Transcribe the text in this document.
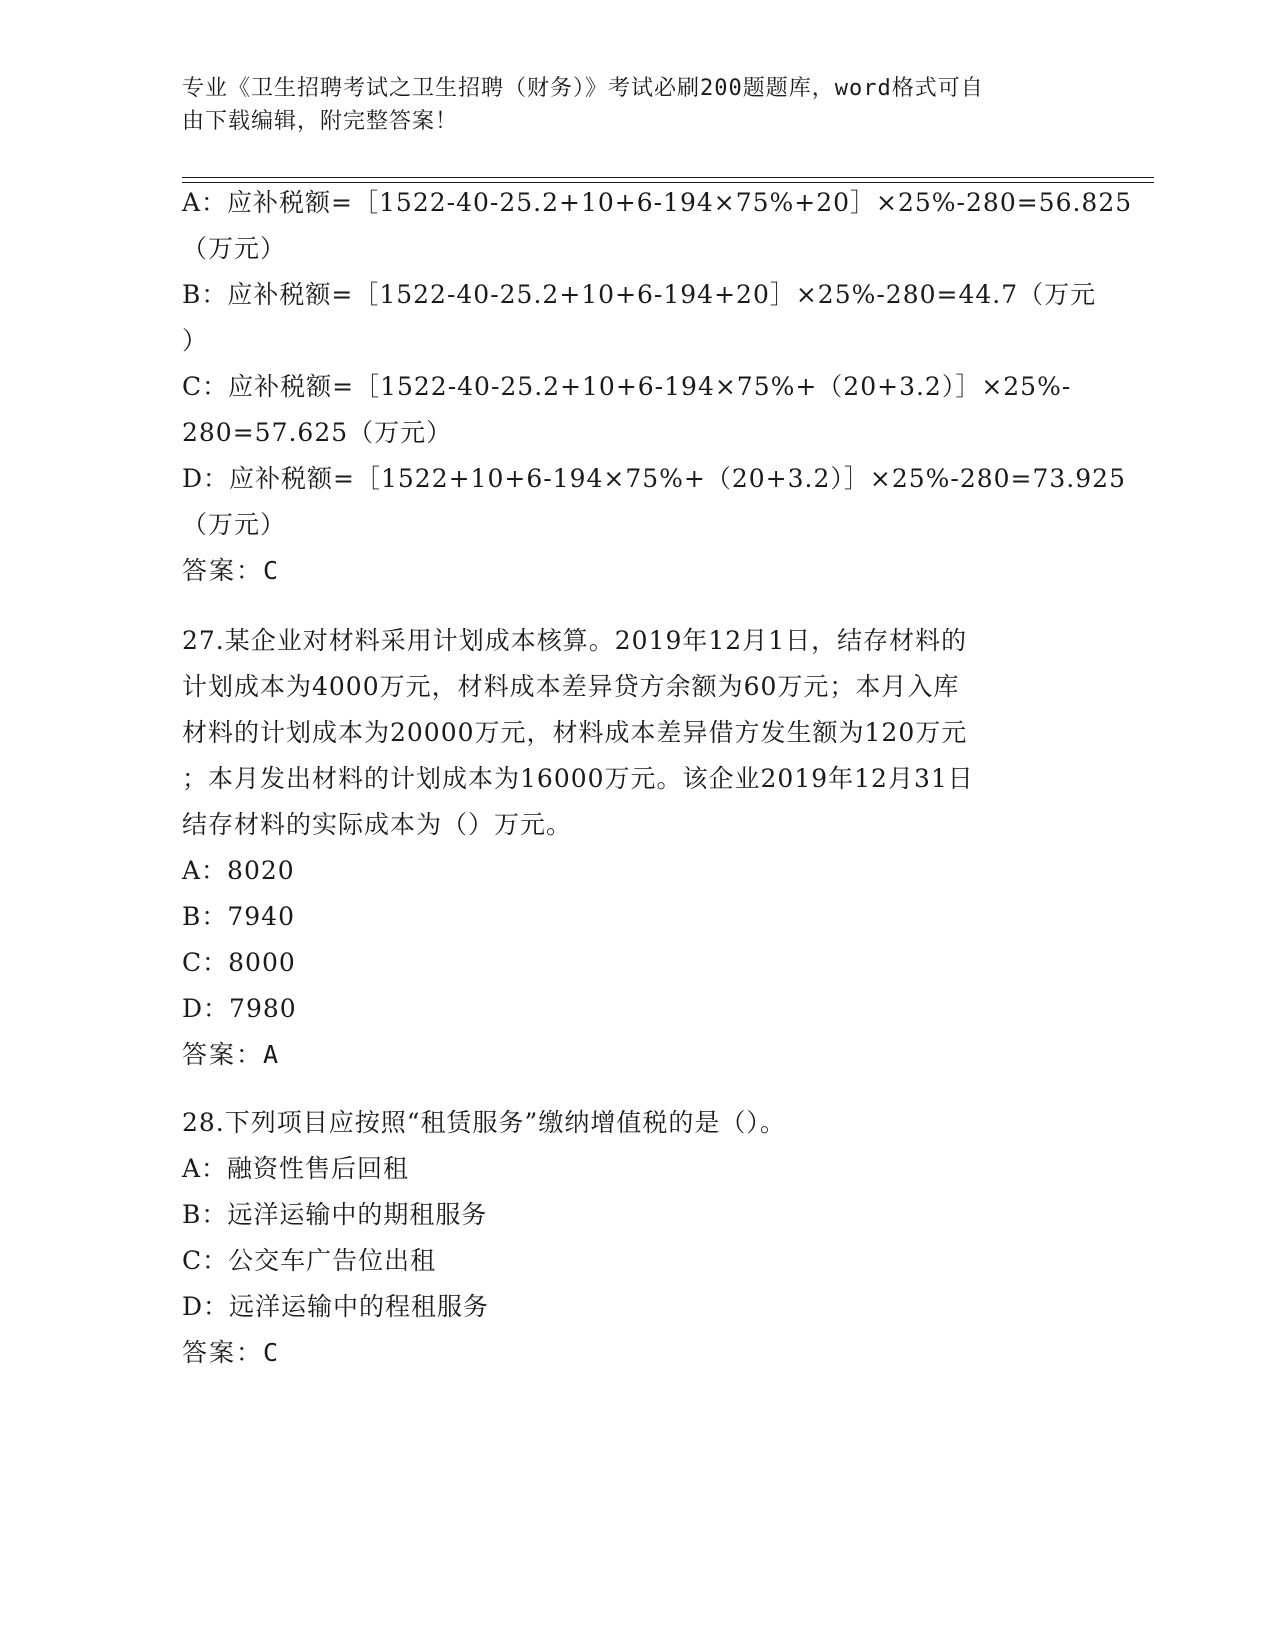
专业《卫生招聘考试之卫生招聘（财务）》考试必刷200题题库，word格式可自
由下载编辑，附完整答案！
A：应补税额=［1522-40-25.2+10+6-194×75%+20］×25%-280=56.825
（万元）
B：应补税额=［1522-40-25.2+10+6-194+20］×25%-280=44.7（万元
）
C：应补税额=［1522-40-25.2+10+6-194×75%+（20+3.2）］×25%-
280=57.625（万元）
D：应补税额=［1522+10+6-194×75%+（20+3.2）］×25%-280=73.925
（万元）
答案：C
27.某企业对材料采用计划成本核算。2019年12月1日，结存材料的
计划成本为4000万元，材料成本差异贷方余额为60万元；本月入库
材料的计划成本为20000万元，材料成本差异借方发生额为120万元
；本月发出材料的计划成本为16000万元。该企业2019年12月31日
结存材料的实际成本为（）万元。
A：8020
B：7940
C：8000
D：7980
答案：A
28.下列项目应按照“租赁服务”缴纳增值税的是（）。
A：融资性售后回租
B：远洋运输中的期租服务
C：公交车广告位出租
D：远洋运输中的程租服务
答案：C
